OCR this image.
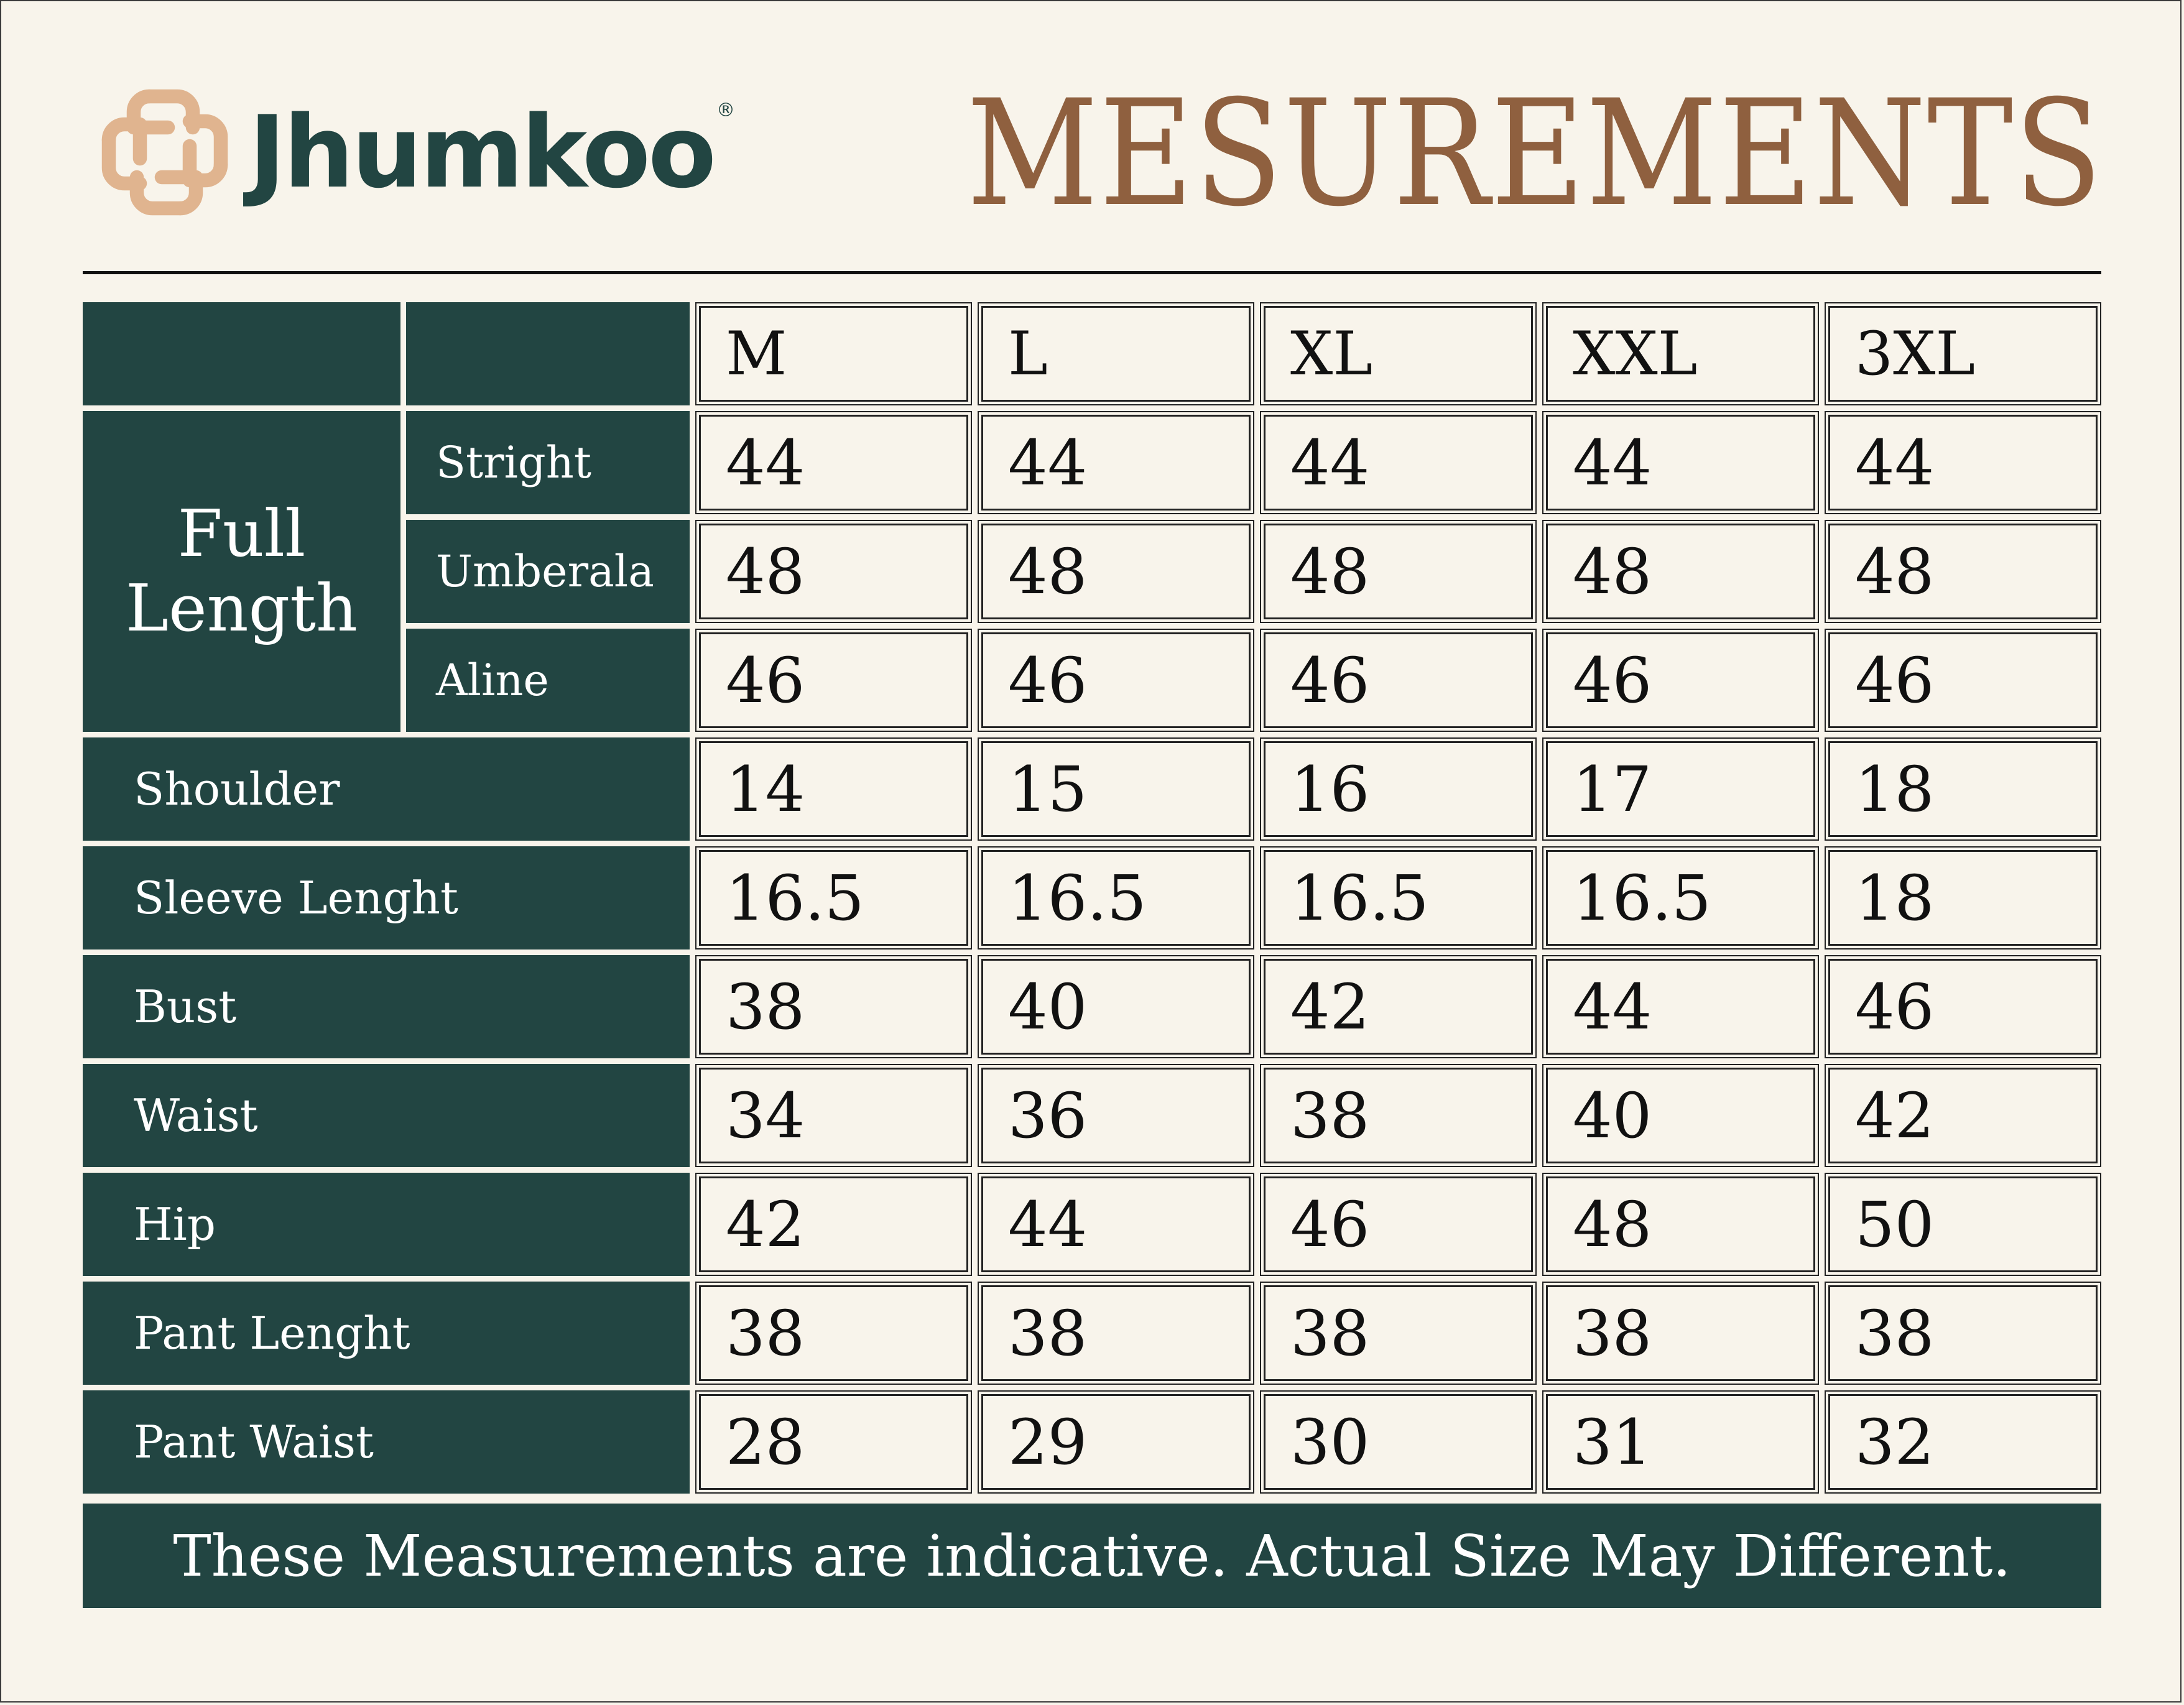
Jhumkoo ® MESUREMENTS
M	L	XL	XXL	3XL
Full
Length
Stright	44	44	44	44	44
Umberala	48	48	48	48	48
Aline	46	46	46	46	46
Shoulder	14	15	16	17	18
Sleeve Lenght	16.5	16.5	16.5	16.5	18
Bust	38	40	42	44	46
Waist	34	36	38	40	42
Hip	42	44	46	48	50
Pant Lenght	38	38	38	38	38
Pant Waist	28	29	30	31	32
These Measurements are indicative. Actual Size May Different.
